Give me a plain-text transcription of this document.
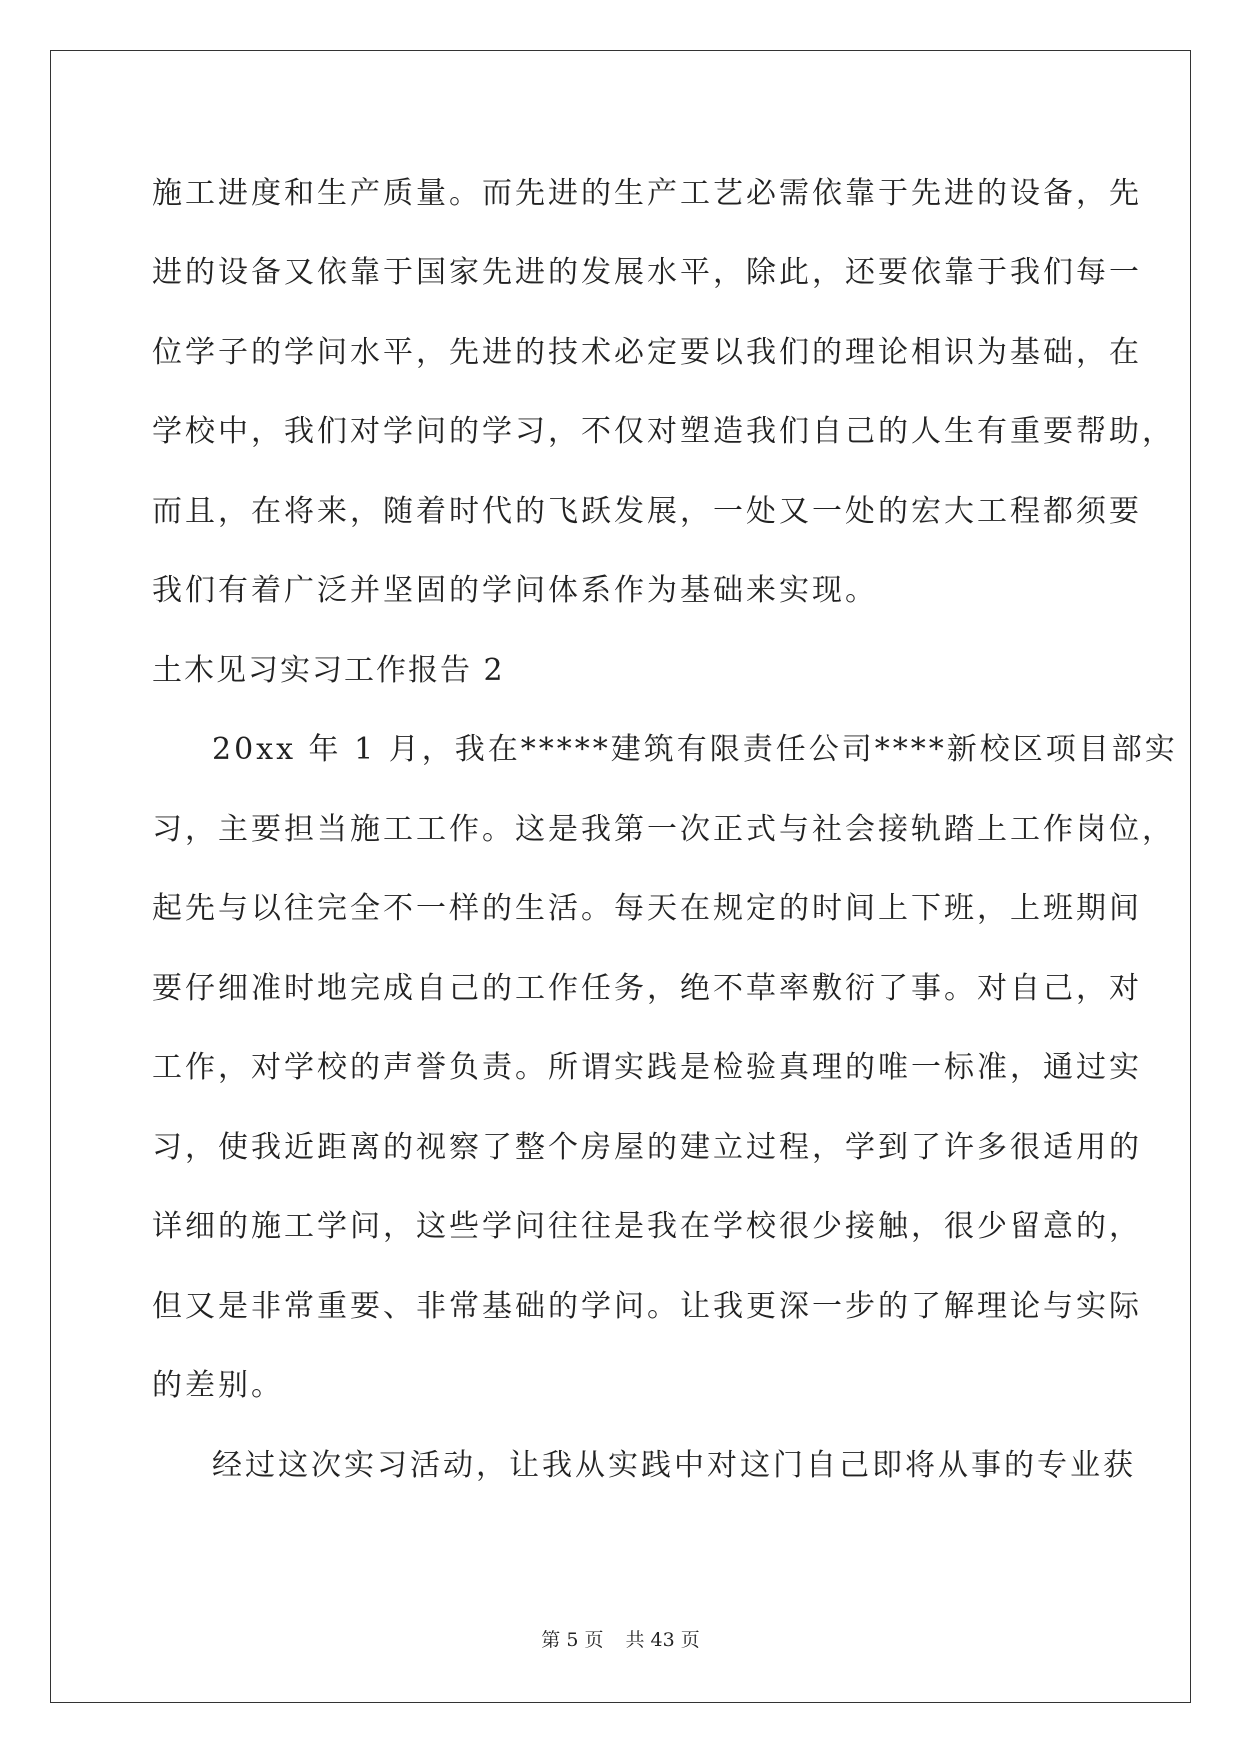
施工进度和生产质量。而先进的生产工艺必需依靠于先进的设备，先
进的设备又依靠于国家先进的发展水平，除此，还要依靠于我们每一
位学子的学问水平，先进的技术必定要以我们的理论相识为基础，在
学校中，我们对学问的学习，不仅对塑造我们自己的人生有重要帮助，
而且，在将来，随着时代的飞跃发展，一处又一处的宏大工程都须要
我们有着广泛并坚固的学问体系作为基础来实现。
土木见习实习工作报告 2
20xx 年 1 月，我在*****建筑有限责任公司****新校区项目部实
习，主要担当施工工作。这是我第一次正式与社会接轨踏上工作岗位，
起先与以往完全不一样的生活。每天在规定的时间上下班，上班期间
要仔细准时地完成自己的工作任务，绝不草率敷衍了事。对自己，对
工作，对学校的声誉负责。所谓实践是检验真理的唯一标准，通过实
习，使我近距离的视察了整个房屋的建立过程，学到了许多很适用的
详细的施工学问，这些学问往往是我在学校很少接触，很少留意的，
但又是非常重要、非常基础的学问。让我更深一步的了解理论与实际
的差别。
经过这次实习活动，让我从实践中对这门自己即将从事的专业获
第 5 页 共 43 页
